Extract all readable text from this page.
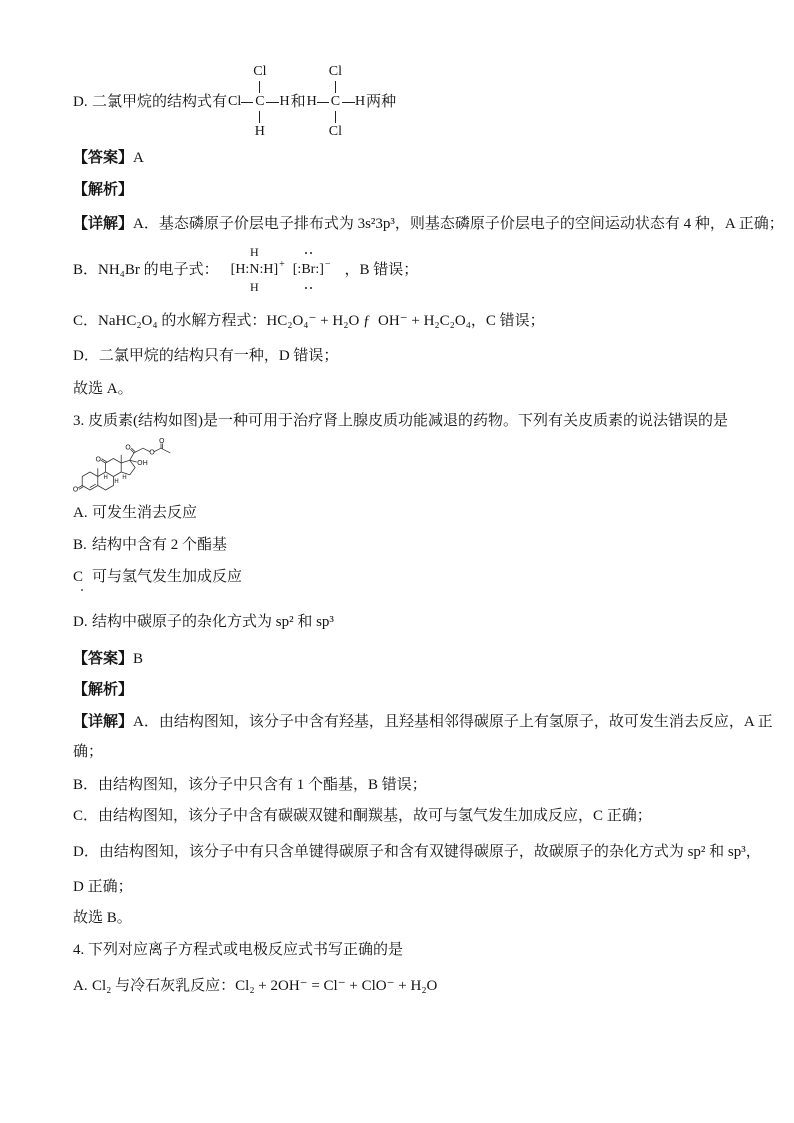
D. 二氯甲烷的结构式有
Cl
Cl C H
H
和
Cl
H C H
Cl
两种
【答案】A
【解析】
【详解】A．基态磷原子价层电子排布式为 3s²3p³，则基态磷原子价层电子的空间运动状态有 4 种，A 正确；
B．NH₄Br 的电子式：
H
[H: N :H] +
H
[: Br :] − ，B 错误；
C．NaHC₂O₄ 的水解方程式：HC₂O₄⁻ + H₂O ƒ  OH⁻ + H₂C₂O₄，C 错误；
D．二氯甲烷的结构只有一种，D 错误；
故选 A。
3. 皮质素(结构如图)是一种可用于治疗肾上腺皮质功能减退的药物。下列有关皮质素的说法错误的是
O
O	OH
O
O
O
H
H H
A. 可发生消去反应
B. 结构中含有 2 个酯基
C 可与氢气发生加成反应
D. 结构中碳原子的杂化方式为 sp² 和 sp³
【答案】B
【解析】
【详解】A．由结构图知，该分子中含有羟基，且羟基相邻得碳原子上有氢原子，故可发生消去反应，A 正
确；
B．由结构图知，该分子中只含有 1 个酯基，B 错误；
C．由结构图知，该分子中含有碳碳双键和酮羰基，故可与氢气发生加成反应，C 正确；
D．由结构图知，该分子中有只含单键得碳原子和含有双键得碳原子，故碳原子的杂化方式为 sp² 和 sp³，
D 正确；
故选 B。
4. 下列对应离子方程式或电极反应式书写正确的是
A. Cl₂ 与冷石灰乳反应：Cl₂ + 2OH⁻ = Cl⁻ + ClO⁻ + H₂O
